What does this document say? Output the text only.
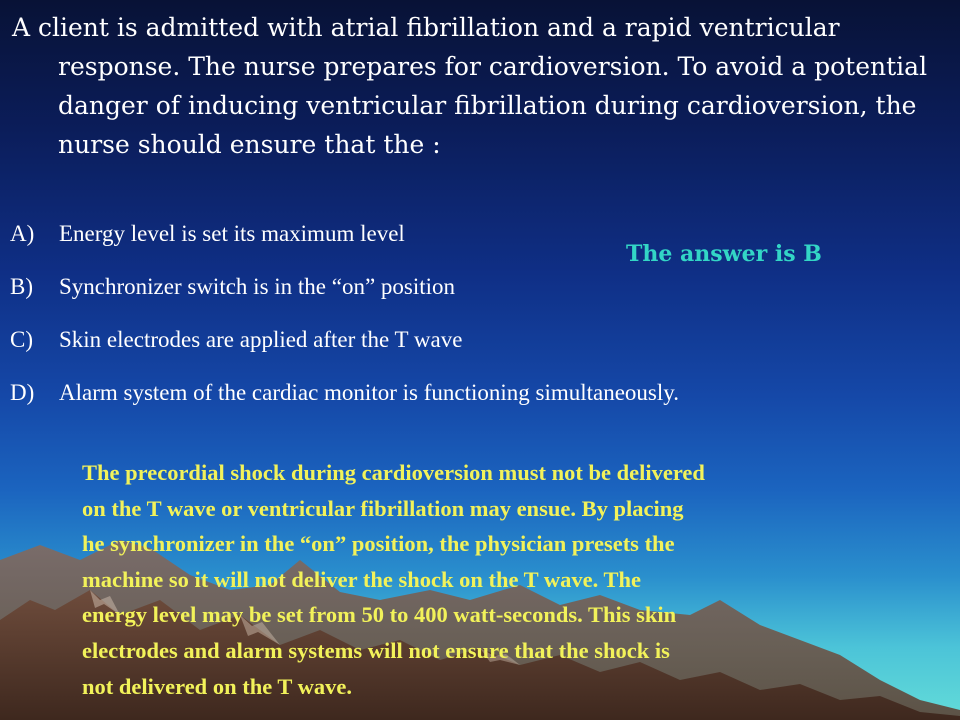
A client is admitted with atrial fibrillation and a rapid ventricular response. The nurse prepares for cardioversion. To avoid a potential danger of inducing ventricular fibrillation during cardioversion, the nurse should ensure that the :

A) Energy level is set its maximum level
B) Synchronizer switch is in the “on” position
C) Skin electrodes are applied after the T wave
D) Alarm system of the cardiac monitor is functioning simultaneously.

The answer is B

The precordial shock during cardioversion must not be delivered
on the T wave or ventricular fibrillation may ensue. By placing
he synchronizer in the “on” position, the physician presets the
machine so it will not deliver the shock on the T wave. The
energy level may be set from 50 to 400 watt-seconds. This skin
electrodes and alarm systems will not ensure that the shock is
not delivered on the T wave.
